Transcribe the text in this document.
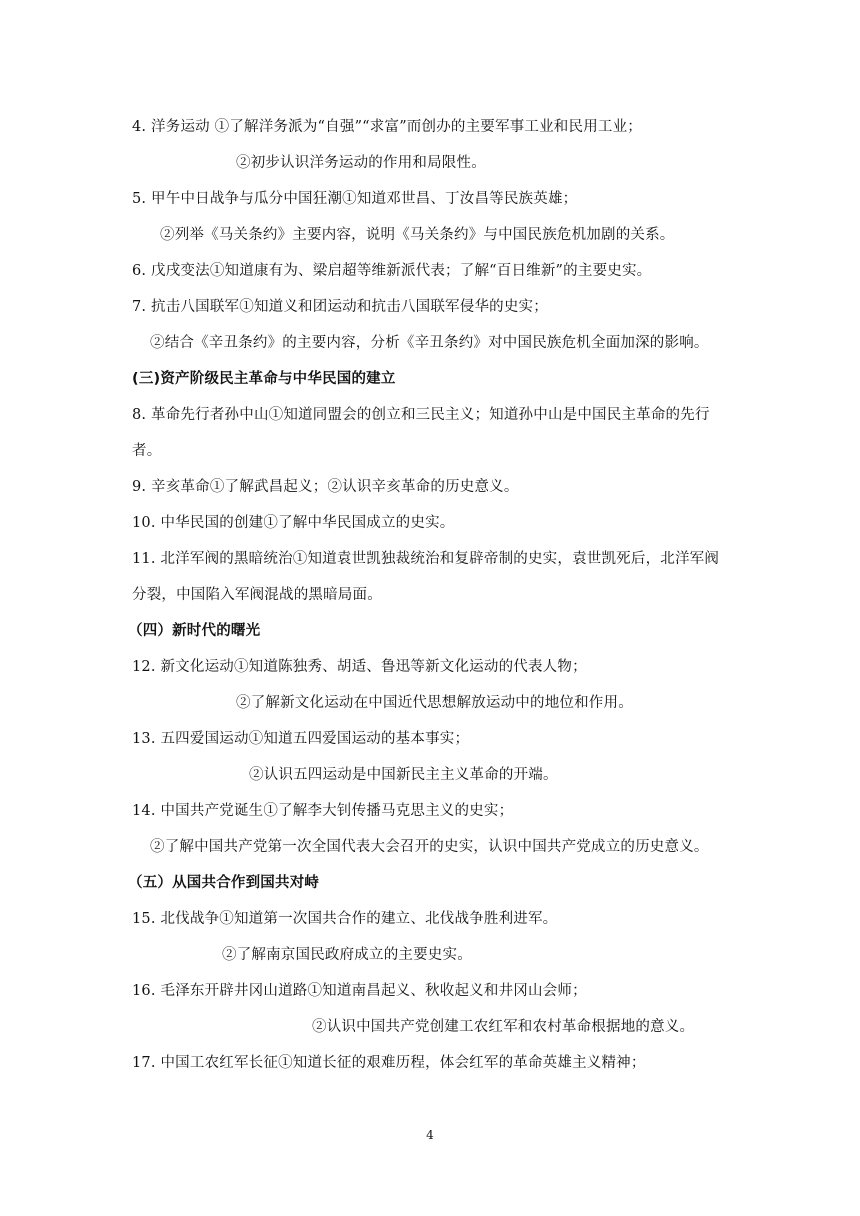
4. 洋务运动 ①了解洋务派为“自强”“求富”而创办的主要军事工业和民用工业；
②初步认识洋务运动的作用和局限性。
5. 甲午中日战争与瓜分中国狂潮①知道邓世昌、丁汝昌等民族英雄；
②列举《马关条约》主要内容，说明《马关条约》与中国民族危机加剧的关系。
6. 戊戌变法①知道康有为、梁启超等维新派代表；了解“百日维新”的主要史实。
7. 抗击八国联军①知道义和团运动和抗击八国联军侵华的史实；
②结合《辛丑条约》的主要内容，分析《辛丑条约》对中国民族危机全面加深的影响。
(三)资产阶级民主革命与中华民国的建立
8. 革命先行者孙中山①知道同盟会的创立和三民主义；知道孙中山是中国民主革命的先行
者。
9. 辛亥革命①了解武昌起义；②认识辛亥革命的历史意义。
10. 中华民国的创建①了解中华民国成立的史实。
11. 北洋军阀的黑暗统治①知道袁世凯独裁统治和复辟帝制的史实，袁世凯死后，北洋军阀
分裂，中国陷入军阀混战的黑暗局面。
（四）新时代的曙光
12. 新文化运动①知道陈独秀、胡适、鲁迅等新文化运动的代表人物；
②了解新文化运动在中国近代思想解放运动中的地位和作用。
13. 五四爱国运动①知道五四爱国运动的基本事实；
②认识五四运动是中国新民主主义革命的开端。
14. 中国共产党诞生①了解李大钊传播马克思主义的史实；
②了解中国共产党第一次全国代表大会召开的史实，认识中国共产党成立的历史意义。
（五）从国共合作到国共对峙
15. 北伐战争①知道第一次国共合作的建立、北伐战争胜利进军。
②了解南京国民政府成立的主要史实。
16. 毛泽东开辟井冈山道路①知道南昌起义、秋收起义和井冈山会师；
②认识中国共产党创建工农红军和农村革命根据地的意义。
17. 中国工农红军长征①知道长征的艰难历程，体会红军的革命英雄主义精神；
4
